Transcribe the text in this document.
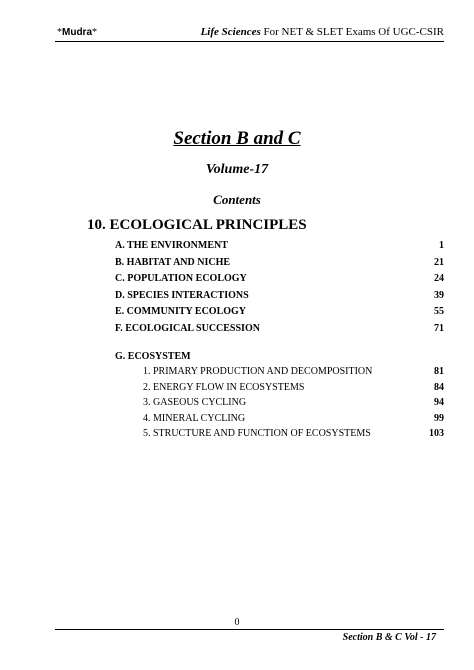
*Mudra*	Life Sciences For NET & SLET Exams Of UGC-CSIR
Section B and C
Volume-17
Contents
10. ECOLOGICAL PRINCIPLES
A. THE ENVIRONMENT	1
B. HABITAT AND NICHE	21
C. POPULATION ECOLOGY	24
D. SPECIES INTERACTIONS	39
E. COMMUNITY ECOLOGY	55
F. ECOLOGICAL SUCCESSION	71
G. ECOSYSTEM
1. PRIMARY PRODUCTION AND DECOMPOSITION	81
2. ENERGY FLOW IN ECOSYSTEMS	84
3. GASEOUS CYCLING	94
4. MINERAL CYCLING	99
5. STRUCTURE AND FUNCTION OF ECOSYSTEMS	103
0
Section B & C Vol - 17
